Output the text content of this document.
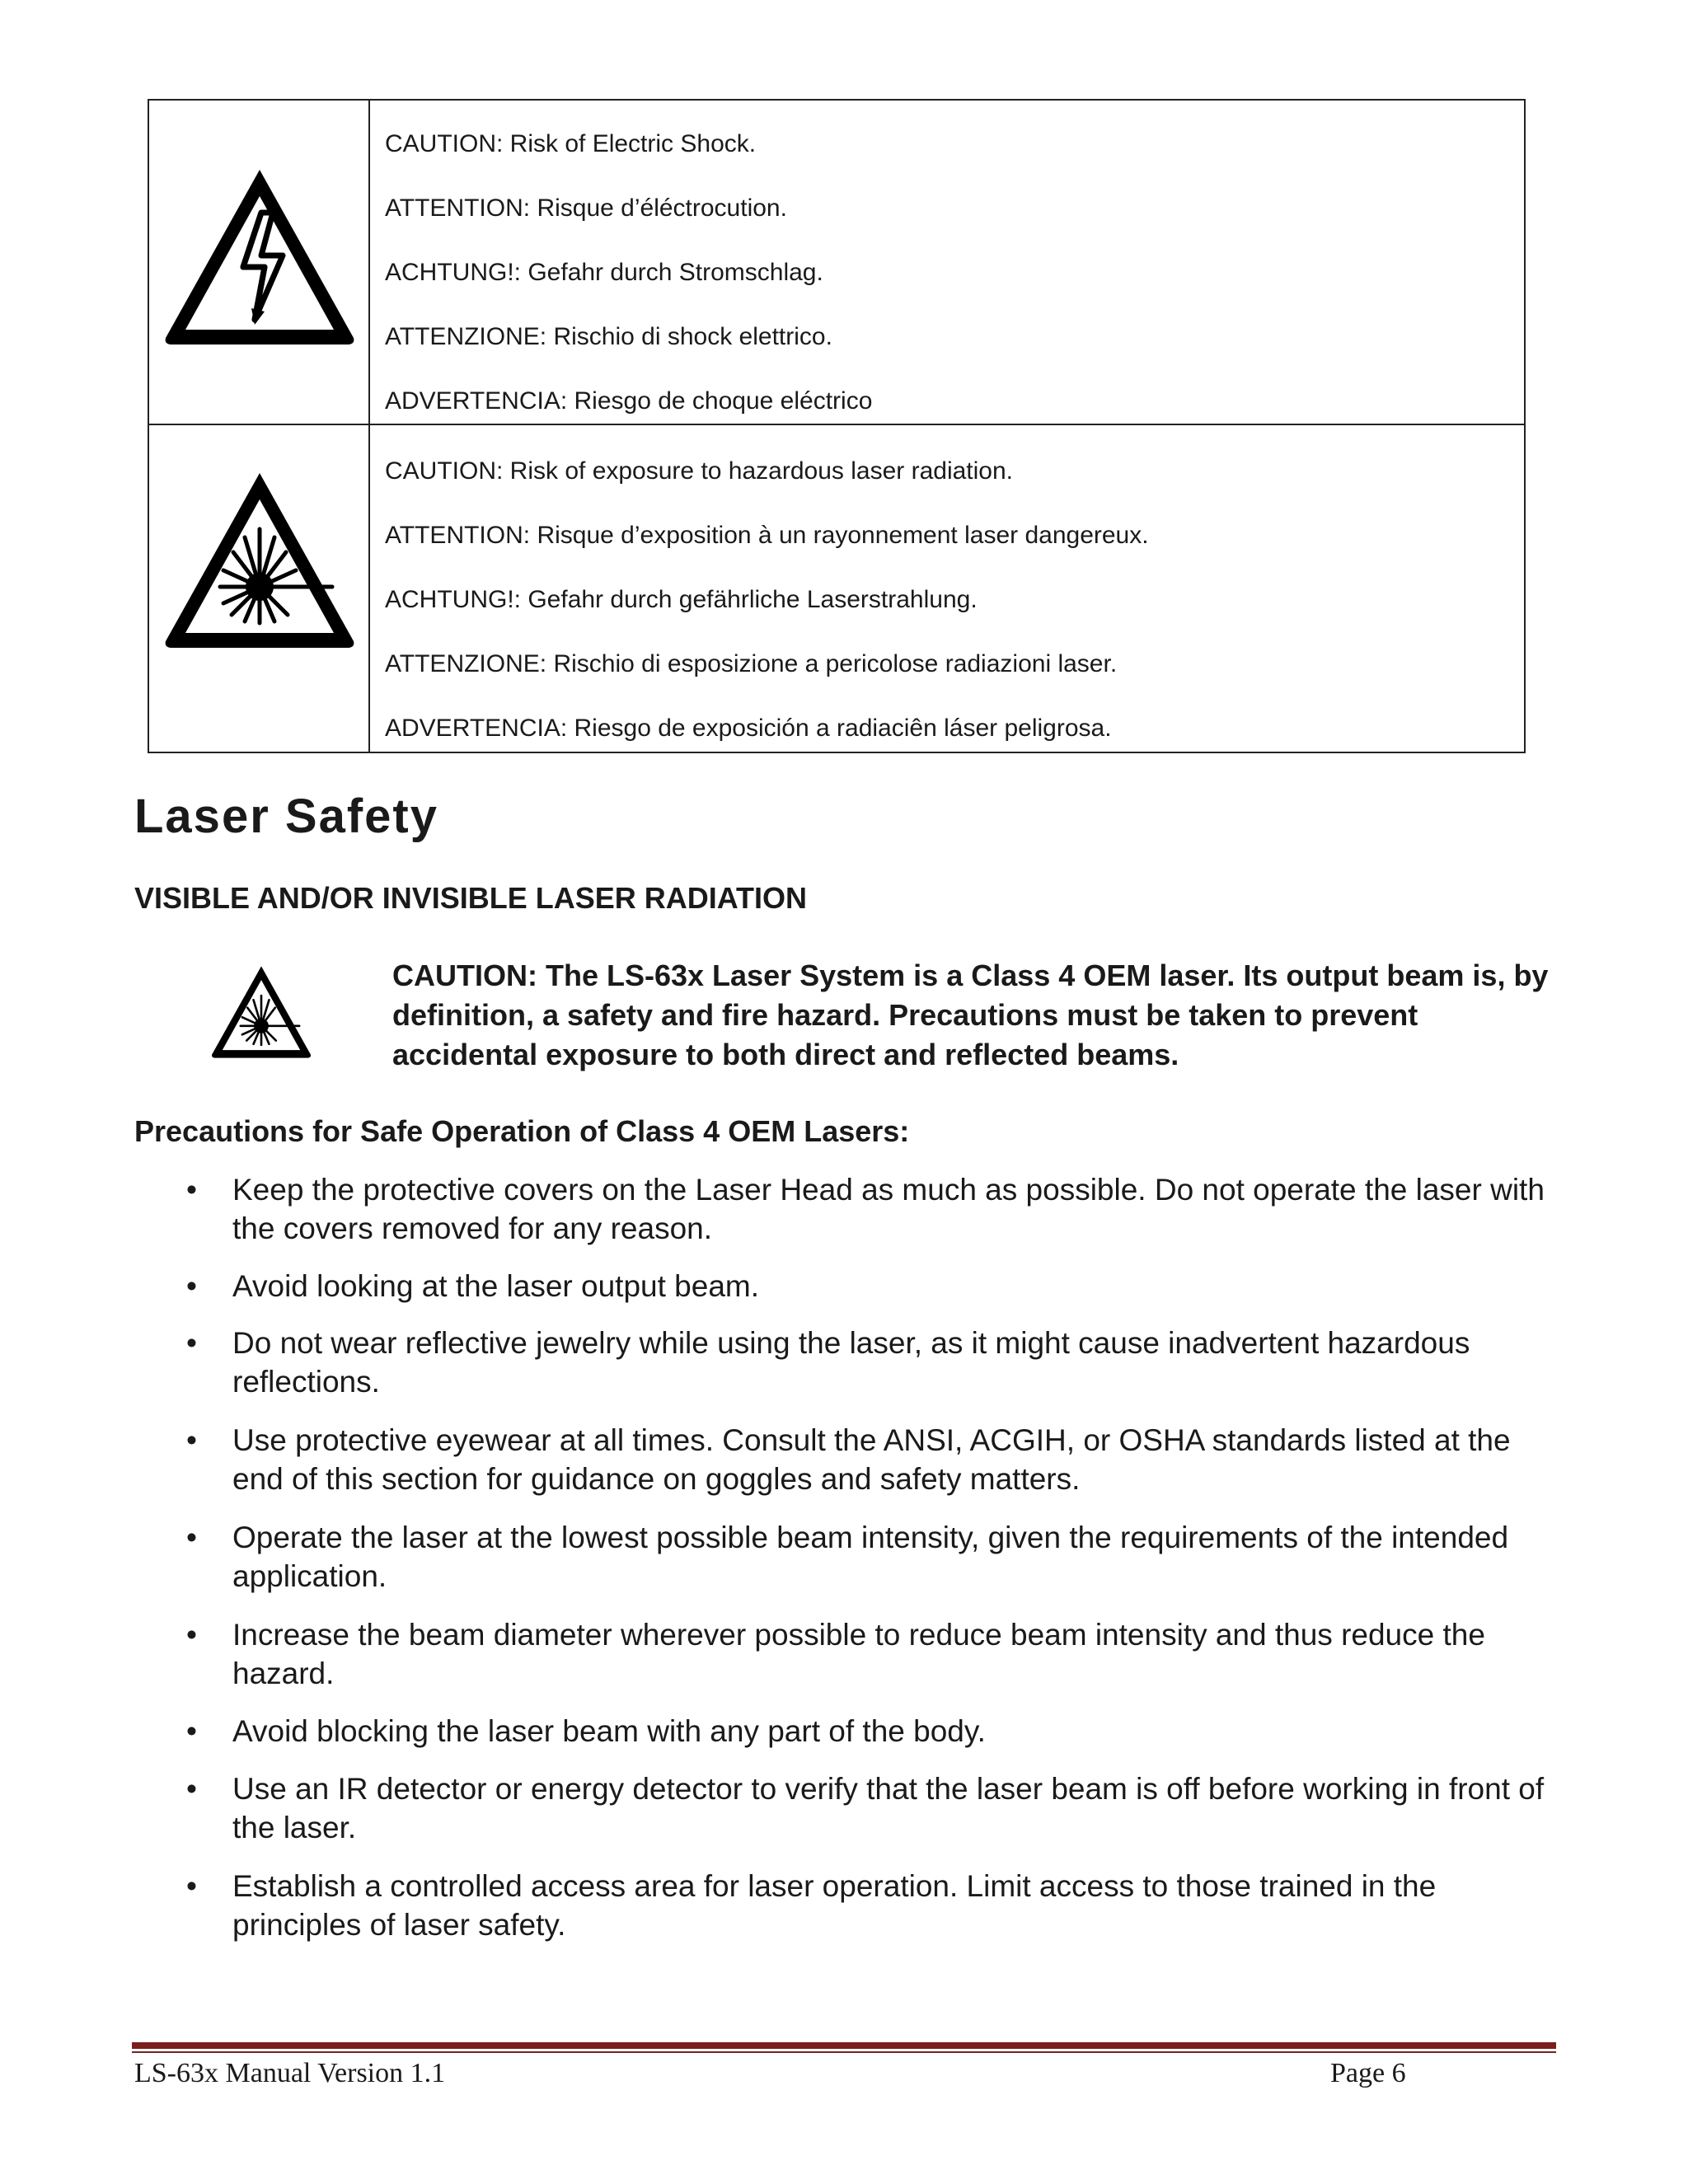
CAUTION: Risk of Electric Shock.
ATTENTION: Risque d’éléctrocution.
ACHTUNG!: Gefahr durch Stromschlag.
ATTENZIONE: Rischio di shock elettrico.
ADVERTENCIA: Riesgo de choque eléctrico
CAUTION: Risk of exposure to hazardous laser radiation.
ATTENTION: Risque d’exposition à un rayonnement laser dangereux.
ACHTUNG!: Gefahr durch gefährliche Laserstrahlung.
ATTENZIONE: Rischio di esposizione a pericolose radiazioni laser.
ADVERTENCIA: Riesgo de exposición a radiaciên láser peligrosa.
Laser Safety
VISIBLE AND/OR INVISIBLE LASER RADIATION
CAUTION: The LS-63x Laser System is a Class 4 OEM laser. Its output beam is, by definition, a safety and fire hazard. Precautions must be taken to prevent accidental exposure to both direct and reflected beams.
Precautions for Safe Operation of Class 4 OEM Lasers:
•	Keep the protective covers on the Laser Head as much as possible. Do not operate the laser with the covers removed for any reason.
•	Avoid looking at the laser output beam.
•	Do not wear reflective jewelry while using the laser, as it might cause inadvertent hazardous reflections.
•	Use protective eyewear at all times. Consult the ANSI, ACGIH, or OSHA standards listed at the end of this section for guidance on goggles and safety matters.
•	Operate the laser at the lowest possible beam intensity, given the requirements of the intended application.
•	Increase the beam diameter wherever possible to reduce beam intensity and thus reduce the hazard.
•	Avoid blocking the laser beam with any part of the body.
•	Use an IR detector or energy detector to verify that the laser beam is off before working in front of the laser.
•	Establish a controlled access area for laser operation. Limit access to those trained in the principles of laser safety.
LS-63x Manual Version 1.1	Page 6
